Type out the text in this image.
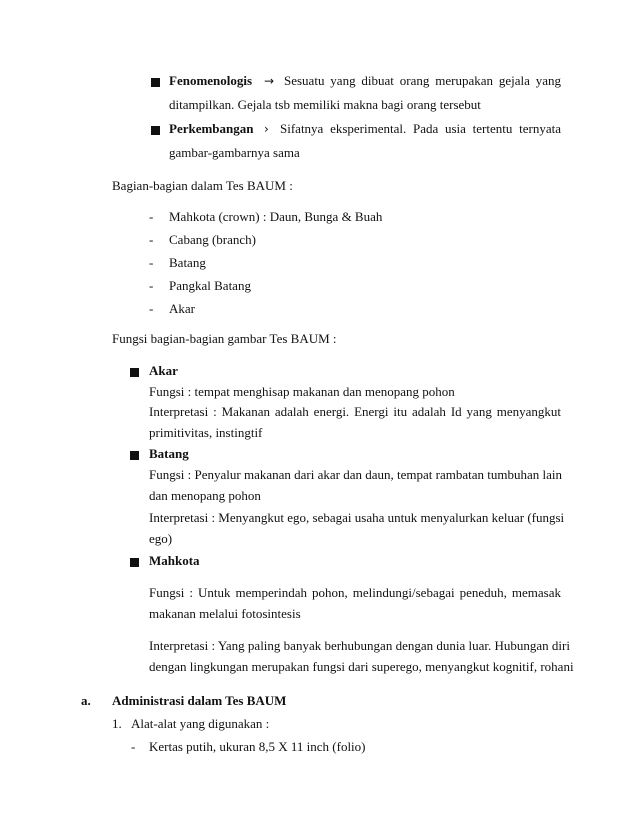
Fenomenologis → Sesuatu yang dibuat orang merupakan gejala yang
ditampilkan. Gejala tsb memiliki makna bagi orang tersebut
Perkembangan › Sifatnya eksperimental. Pada usia tertentu ternyata
gambar-gambarnya sama
Bagian-bagian dalam Tes BAUM :
- Mahkota (crown) : Daun, Bunga & Buah
- Cabang (branch)
- Batang
- Pangkal Batang
- Akar
Fungsi bagian-bagian gambar Tes BAUM :
Akar
Fungsi : tempat menghisap makanan dan menopang pohon
Interpretasi : Makanan adalah energi. Energi itu adalah Id yang menyangkut
primitivitas, instingtif
Batang
Fungsi : Penyalur makanan dari akar dan daun, tempat rambatan tumbuhan lain
dan menopang pohon
Interpretasi : Menyangkut ego, sebagai usaha untuk menyalurkan keluar (fungsi
ego)
Mahkota
Fungsi : Untuk memperindah pohon, melindungi/sebagai peneduh, memasak
makanan melalui fotosintesis
Interpretasi : Yang paling banyak berhubungan dengan dunia luar. Hubungan diri
dengan lingkungan merupakan fungsi dari superego, menyangkut kognitif, rohani
a. Administrasi dalam Tes BAUM
1. Alat-alat yang digunakan :
- Kertas putih, ukuran 8,5 X 11 inch (folio)
